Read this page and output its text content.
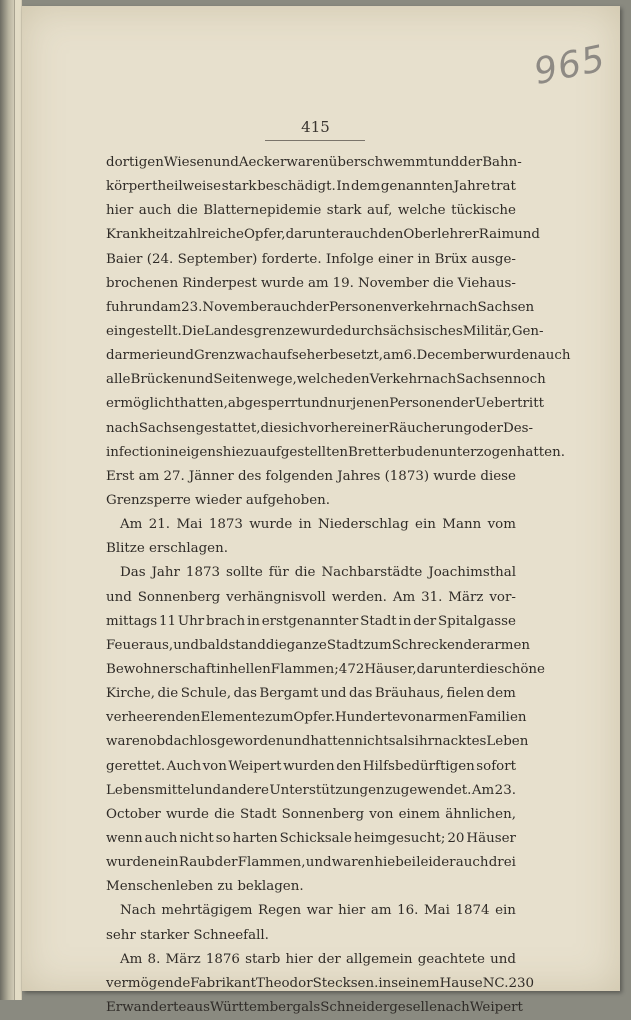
965
415
dortigen Wiesen und Aecker waren überschwemmt und der Bahn-
körper theilweise stark beschädigt. In dem genannten Jahre trat
hier auch die Blatternepidemie stark auf, welche tückische
Krankheit zahlreiche Opfer, darunter auch den Oberlehrer Raimund
Baier (24. September) forderte. Infolge einer in Brüx ausge-
brochenen Rinderpest wurde am 19. November die Viehaus-
fuhr und am 23. November auch der Personenverkehr nach Sachsen
eingestellt. Die Landesgrenze wurde durch sächsisches Militär, Gen-
darmerie und Grenzwachaufseher besetzt, am 6. December wurden auch
alle Brücken und Seitenwege, welche den Verkehr nach Sachsen noch
ermöglicht hatten, abgesperrt und nur jenen Personen der Uebertritt
nach Sachsen gestattet, die sich vorher einer Räucherung oder Des-
infection in eigens hiezu aufgestellten Bretterbuden unterzogen hatten.
Erst am 27. Jänner des folgenden Jahres (1873) wurde diese
Grenzsperre wieder aufgehoben.
Am 21. Mai 1873 wurde in Niederschlag ein Mann vom
Blitze erschlagen.
Das Jahr 1873 sollte für die Nachbarstädte Joachimsthal
und Sonnenberg verhängnisvoll werden. Am 31. März vor-
mittags 11 Uhr brach in erstgenannter Stadt in der Spitalgasse
Feuer aus, und bald stand die ganze Stadt zum Schrecken der armen
Bewohnerschaft in hellen Flammen; 472 Häuser, darunter die schöne
Kirche, die Schule, das Bergamt und das Bräuhaus, fielen dem
verheerenden Elemente zum Opfer. Hunderte von armen Familien
waren obdachlos geworden und hatten nichts als ihr nacktes Leben
gerettet. Auch von Weipert wurden den Hilfsbedürftigen sofort
Lebensmittel und andere Unterstützungen zugewendet. Am 23.
October wurde die Stadt Sonnenberg von einem ähnlichen,
wenn auch nicht so harten Schicksale heimgesucht; 20 Häuser
wurden ein Raub der Flammen, und waren hiebei leider auch drei
Menschenleben zu beklagen.
Nach mehrtägigem Regen war hier am 16. Mai 1874 ein
sehr starker Schneefall.
Am 8. März 1876 starb hier der allgemein geachtete und
vermögende Fabrikant Theodor Steck sen. in seinem Hause NC. 230
Er wanderte aus Württemberg als Schneidergeselle nach Weipert
